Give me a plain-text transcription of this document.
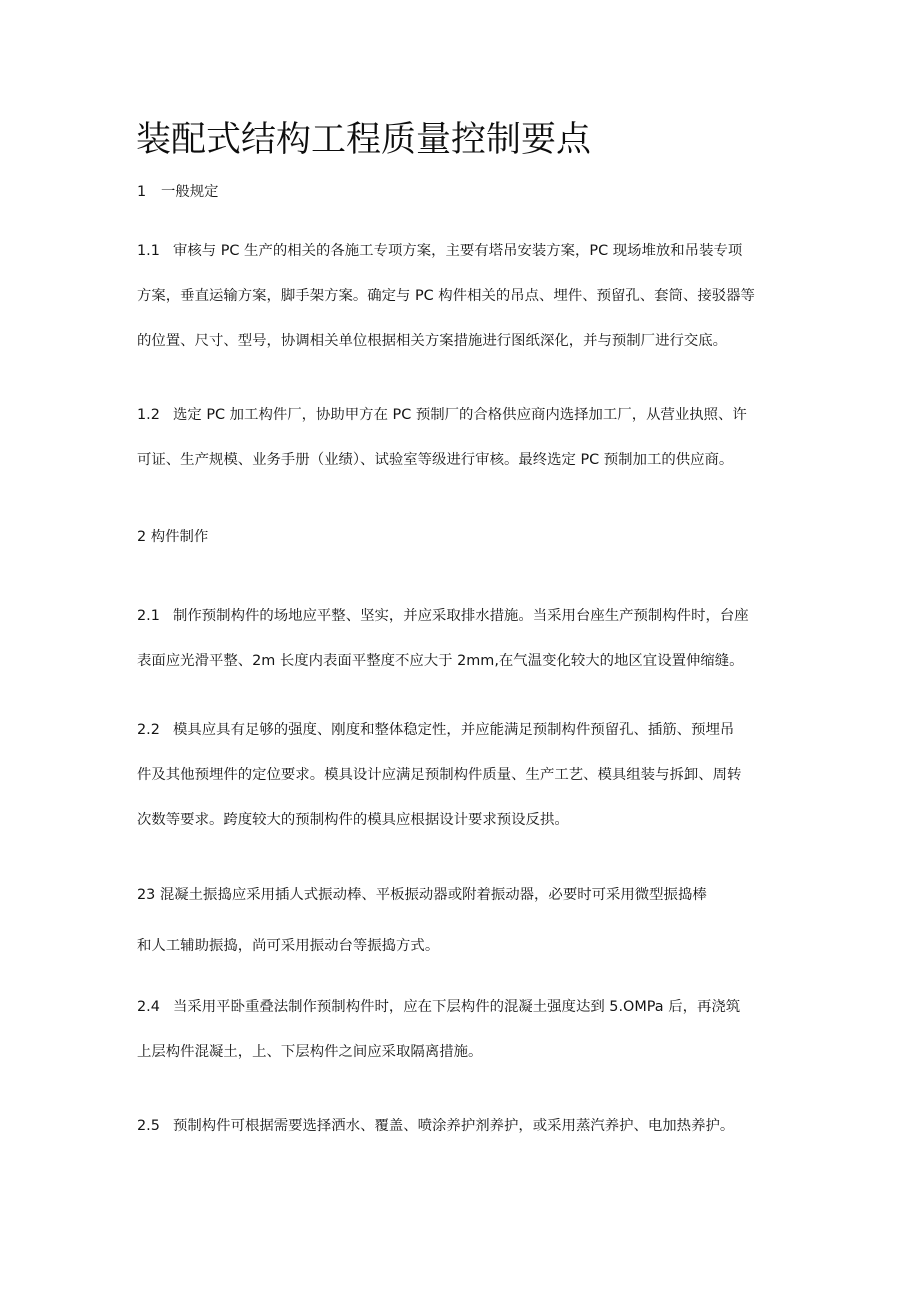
装配式结构工程质量控制要点
1 一般规定
1.1 审核与 PC 生产的相关的各施工专项方案，主要有塔吊安装方案，PC 现场堆放和吊装专项
方案，垂直运输方案，脚手架方案。确定与 PC 构件相关的吊点、埋件、预留孔、套筒、接驳器等
的位置、尺寸、型号，协调相关单位根据相关方案措施进行图纸深化，并与预制厂进行交底。
1.2 选定 PC 加工构件厂，协助甲方在 PC 预制厂的合格供应商内选择加工厂，从营业执照、许
可证、生产规模、业务手册（业绩）、试验室等级进行审核。最终选定 PC 预制加工的供应商。
2 构件制作
2.1 制作预制构件的场地应平整、坚实，并应采取排水措施。当采用台座生产预制构件时，台座
表面应光滑平整、2m 长度内表面平整度不应大于 2mm,在气温变化较大的地区宜设置伸缩缝。
2.2 模具应具有足够的强度、刚度和整体稳定性，并应能满足预制构件预留孔、插筋、预埋吊
件及其他预埋件的定位要求。模具设计应满足预制构件质量、生产工艺、模具组装与拆卸、周转
次数等要求。跨度较大的预制构件的模具应根据设计要求预设反拱。
23 混凝土振捣应采用插人式振动棒、平板振动器或附着振动器，必要时可采用微型振捣棒
和人工辅助振捣，尚可采用振动台等振捣方式。
2.4 当采用平卧重叠法制作预制构件时，应在下层构件的混凝土强度达到 5.OMPa 后，再浇筑
上层构件混凝土，上、下层构件之间应采取隔离措施。
2.5 预制构件可根据需要选择洒水、覆盖、喷涂养护剂养护，或采用蒸汽养护、电加热养护。
